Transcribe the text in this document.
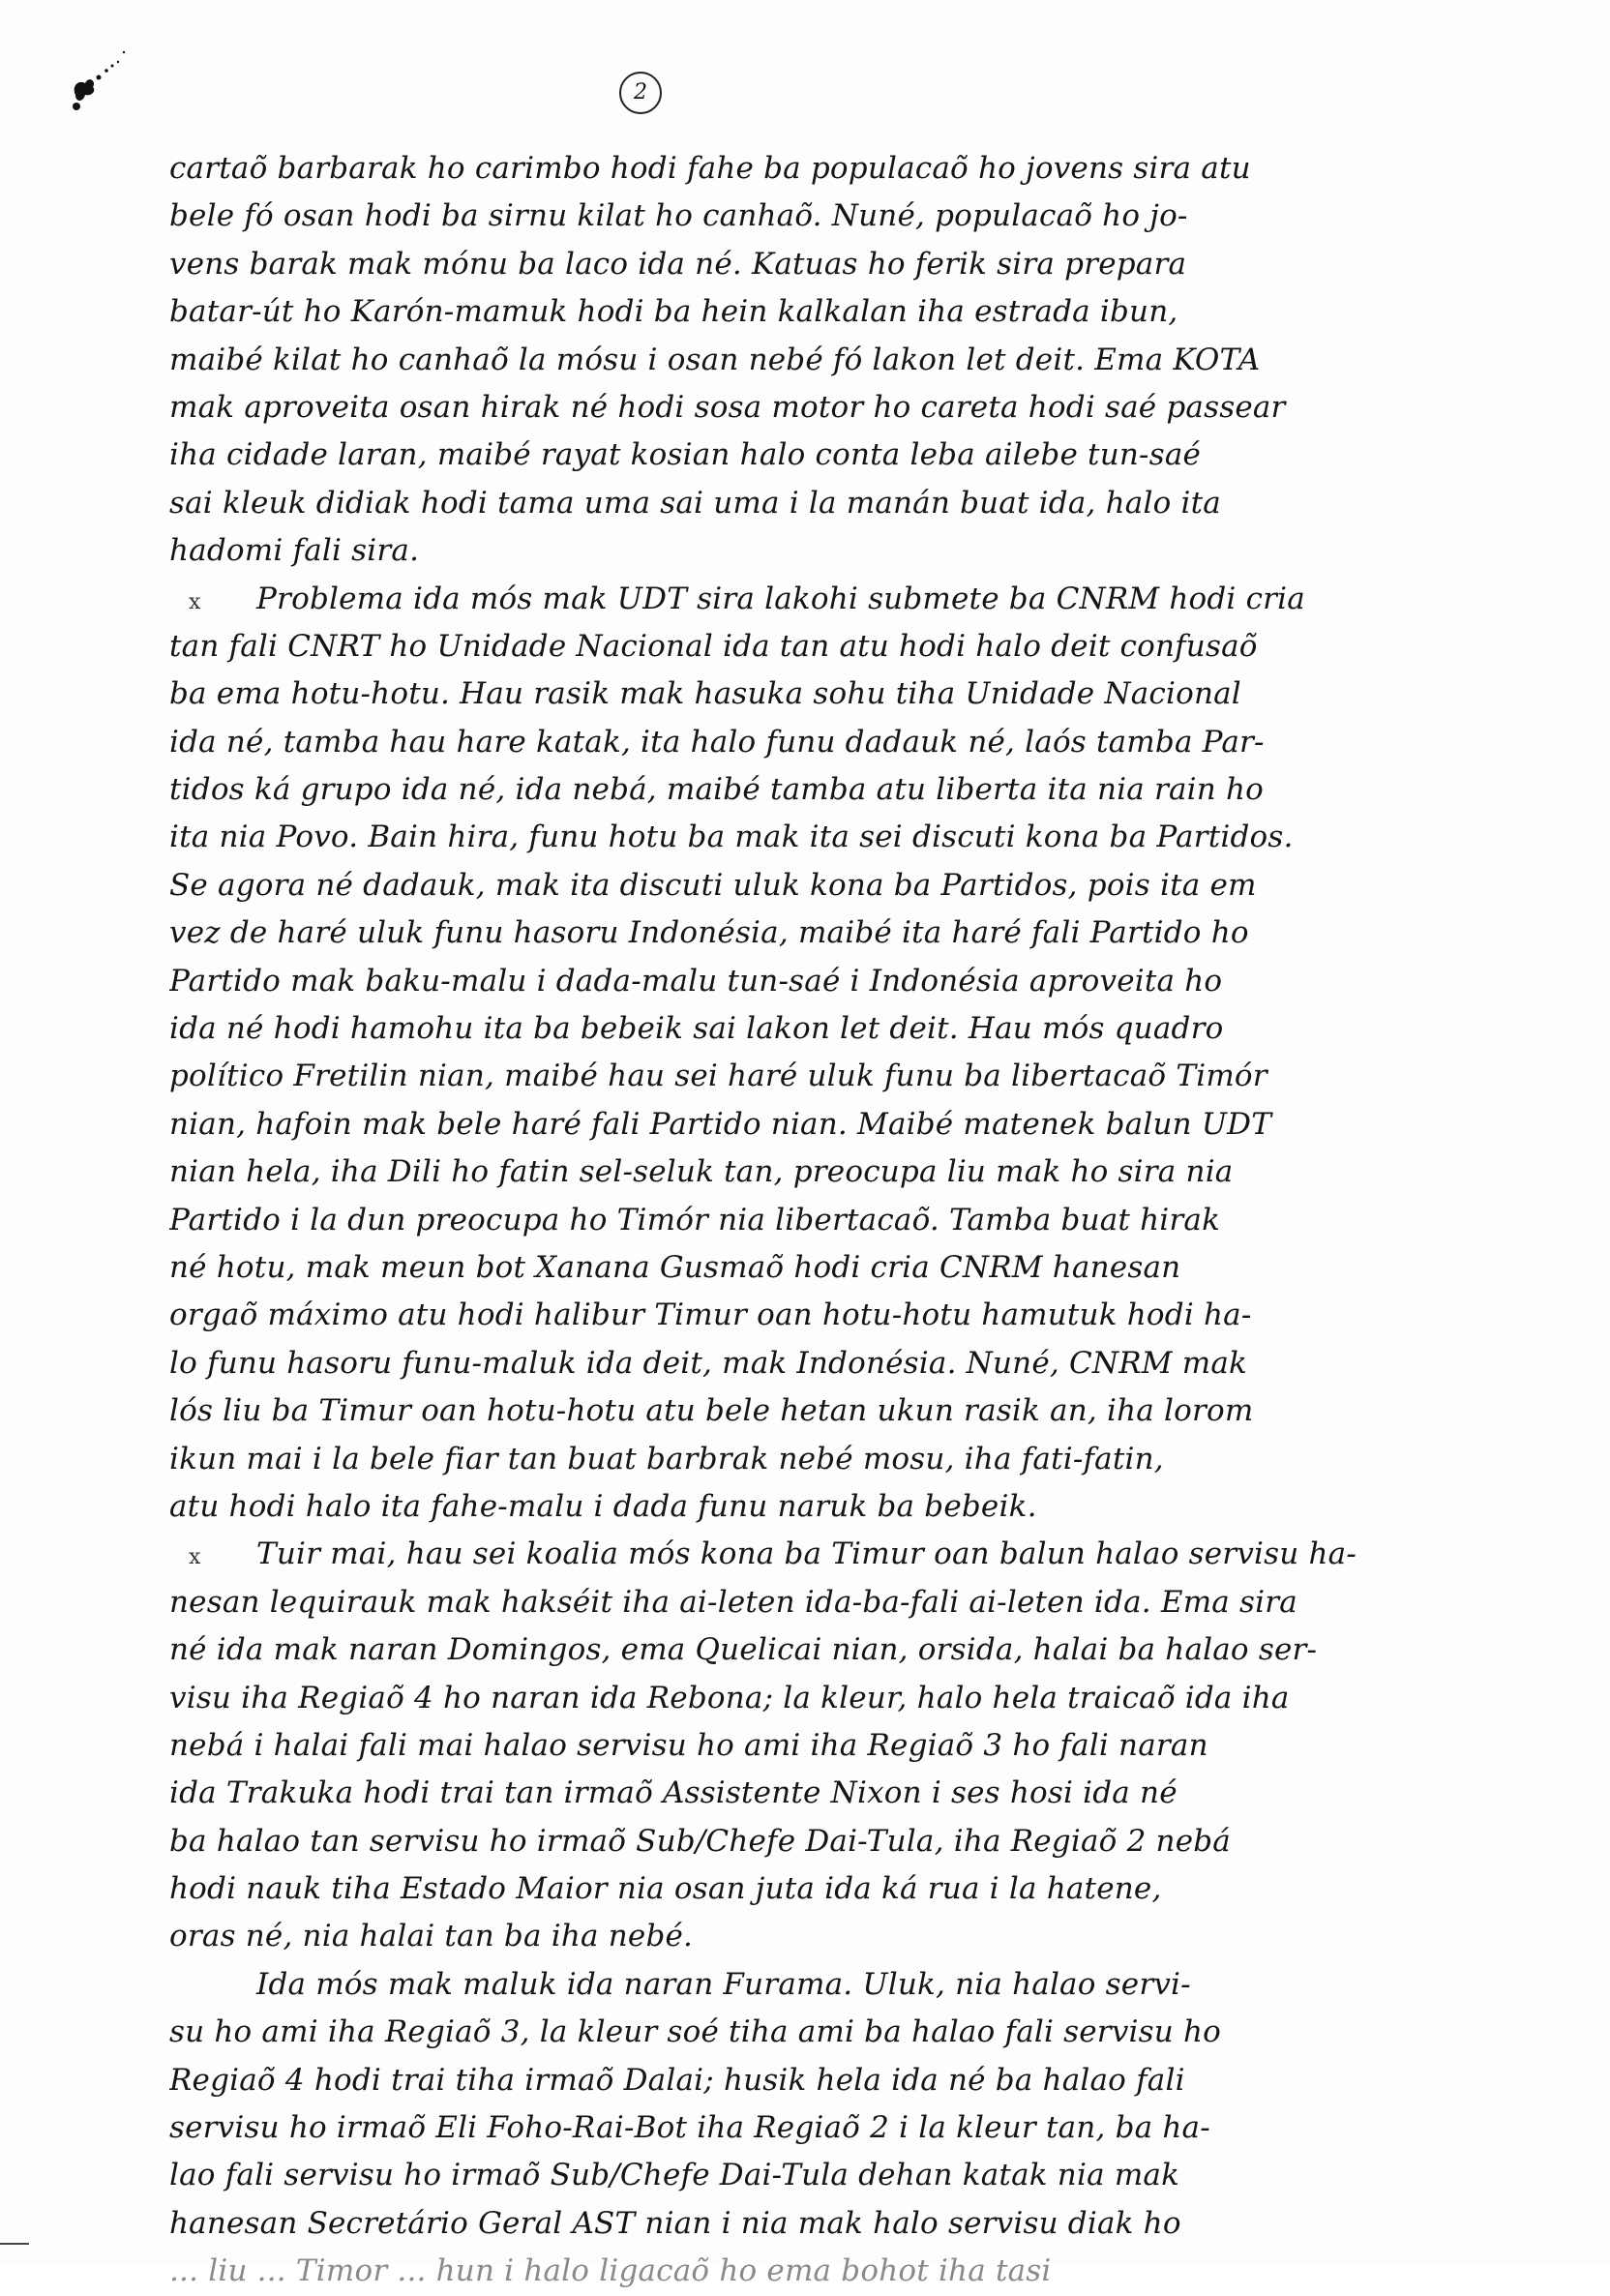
2
cartaõ barbarak ho carimbo hodi fahe ba populacaõ ho jovens sira atu
bele fó osan hodi ba sirnu kilat ho canhaõ. Nuné, populacaõ ho jo-
vens barak mak mónu ba laco ida né. Katuas ho ferik sira prepara
batar-út ho Karón-mamuk hodi ba hein kalkalan iha estrada ibun,
maibé kilat ho canhaõ la mósu i osan nebé fó lakon let deit. Ema KOTA
mak aproveita osan hirak né hodi sosa motor ho careta hodi saé passear
iha cidade laran, maibé rayat kosian halo conta leba ailebe tun-saé
sai kleuk didiak hodi tama uma sai uma i la manán buat ida, halo ita
hadomi fali sira.
x Problema ida mós mak UDT sira lakohi submete ba CNRM hodi cria
tan fali CNRT ho Unidade Nacional ida tan atu hodi halo deit confusaõ
ba ema hotu-hotu. Hau rasik mak hasuka sohu tiha Unidade Nacional
ida né, tamba hau hare katak, ita halo funu dadauk né, laós tamba Par-
tidos ká grupo ida né, ida nebá, maibé tamba atu liberta ita nia rain ho
ita nia Povo. Bain hira, funu hotu ba mak ita sei discuti kona ba Partidos.
Se agora né dadauk, mak ita discuti uluk kona ba Partidos, pois ita em
vez de haré uluk funu hasoru Indonésia, maibé ita haré fali Partido ho
Partido mak baku-malu i dada-malu tun-saé i Indonésia aproveita ho
ida né hodi hamohu ita ba bebeik sai lakon let deit. Hau mós quadro
político Fretilin nian, maibé hau sei haré uluk funu ba libertacaõ Timór
nian, hafoin mak bele haré fali Partido nian. Maibé matenek balun UDT
nian hela, iha Dili ho fatin sel-seluk tan, preocupa liu mak ho sira nia
Partido i la dun preocupa ho Timór nia libertacaõ. Tamba buat hirak
né hotu, mak meun bot Xanana Gusmaõ hodi cria CNRM hanesan
orgaõ máximo atu hodi halibur Timur oan hotu-hotu hamutuk hodi ha-
lo funu hasoru funu-maluk ida deit, mak Indonésia. Nuné, CNRM mak
lós liu ba Timur oan hotu-hotu atu bele hetan ukun rasik an, iha lorom
ikun mai i la bele fiar tan buat barbrak nebé mosu, iha fati-fatin,
atu hodi halo ita fahe-malu i dada funu naruk ba bebeik.
x Tuir mai, hau sei koalia mós kona ba Timur oan balun halao servisu ha-
nesan lequirauk mak hakséit iha ai-leten ida-ba-fali ai-leten ida. Ema sira
né ida mak naran Domingos, ema Quelicai nian, orsida, halai ba halao ser-
visu iha Regiaõ 4 ho naran ida Rebona; la kleur, halo hela traicaõ ida iha
nebá i halai fali mai halao servisu ho ami iha Regiaõ 3 ho fali naran
ida Trakuka hodi trai tan irmaõ Assistente Nixon i ses hosi ida né
ba halao tan servisu ho irmaõ Sub/Chefe Dai-Tula, iha Regiaõ 2 nebá
hodi nauk tiha Estado Maior nia osan juta ida ká rua i la hatene,
oras né, nia halai tan ba iha nebé.
Ida mós mak maluk ida naran Furama. Uluk, nia halao servi-
su ho ami iha Regiaõ 3, la kleur soé tiha ami ba halao fali servisu ho
Regiaõ 4 hodi trai tiha irmaõ Dalai; husik hela ida né ba halao fali
servisu ho irmaõ Eli Foho-Rai-Bot iha Regiaõ 2 i la kleur tan, ba ha-
lao fali servisu ho irmaõ Sub/Chefe Dai-Tula dehan katak nia mak
hanesan Secretário Geral AST nian i nia mak halo servisu diak ho
... liu ... Timor ... hun i halo ligacaõ ho ema bohot iha tasi
